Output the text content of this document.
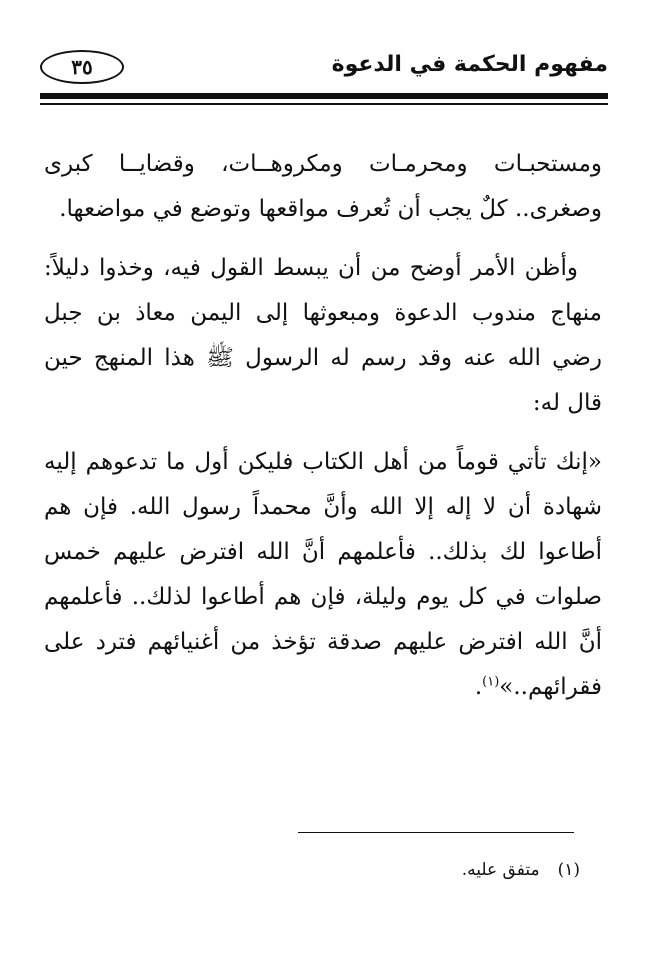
٣٥	مفهوم الحكمة في الدعوة

ومستحبـات ومحرمـات ومكروهــات، وقضايــا كبرى وصغرى.. كلٌ يجب أن تُعرف مواقعها وتوضع في مواضعها.

وأظن الأمر أوضح من أن يبسط القول فيه، وخذوا دليلاً: منهاج مندوب الدعوة ومبعوثها إلى اليمن معاذ بن جبل رضي الله عنه وقد رسم له الرسول ﷺ هذا المنهج حين قال له:

«إنك تأتي قوماً من أهل الكتاب فليكن أول ما تدعوهم إليه شهادة أن لا إله إلا الله وأنَّ محمداً رسول الله. فإن هم أطاعوا لك بذلك.. فأعلمهم أنَّ الله افترض عليهم خمس صلوات في كل يوم وليلة، فإن هم أطاعوا لذلك.. فأعلمهم أنَّ الله افترض عليهم صدقة تؤخذ من أغنيائهم فترد على فقرائهم..»$^{(١)}$.

(١)متفق عليه.
